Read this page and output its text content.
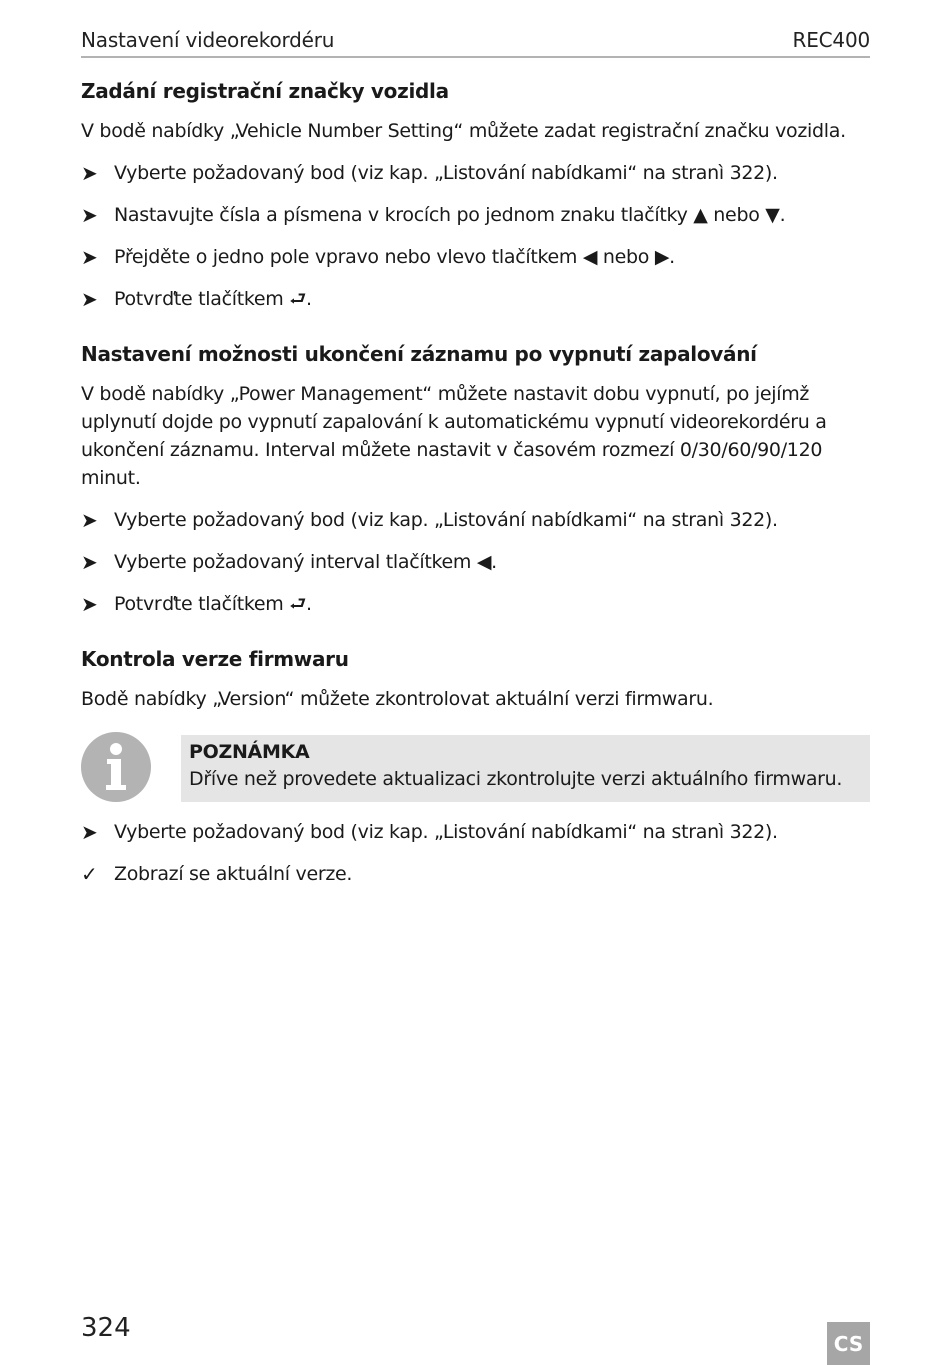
Nastavení videorekordéru	REC400
Zadání registrační značky vozidla

V bodě nabídky „Vehicle Number Setting“ můžete zadat registrační značku vozidla.

➤ Vyberte požadovaný bod (viz kap. „Listování nabídkami“ na stranì 322).
➤ Nastavujte čísla a písmena v krocích po jednom znaku tlačítky ▲ nebo ▼.
➤ Přejděte o jedno pole vpravo nebo vlevo tlačítkem ◀ nebo ▶.
➤ Potvrďte tlačítkem ⮐.
Nastavení možnosti ukončení záznamu po vypnutí zapalování

V bodě nabídky „Power Management“ můžete nastavit dobu vypnutí, po jejímž uplynutí dojde po vypnutí zapalování k automatickému vypnutí videorekordéru a ukončení záznamu. Interval můžete nastavit v časovém rozmezí 0/30/60/90/120 minut.

➤ Vyberte požadovaný bod (viz kap. „Listování nabídkami“ na stranì 322).
➤ Vyberte požadovaný interval tlačítkem ◀.
➤ Potvrďte tlačítkem ⮐.
Kontrola verze firmwaru

Bodě nabídky „Version“ můžete zkontrolovat aktuální verzi firmwaru.

POZNÁMKA
Dříve než provedete aktualizaci zkontrolujte verzi aktuálního firmwaru.
➤ Vyberte požadovaný bod (viz kap. „Listování nabídkami“ na stranì 322).
✓ Zobrazí se aktuální verze.
324
CS
